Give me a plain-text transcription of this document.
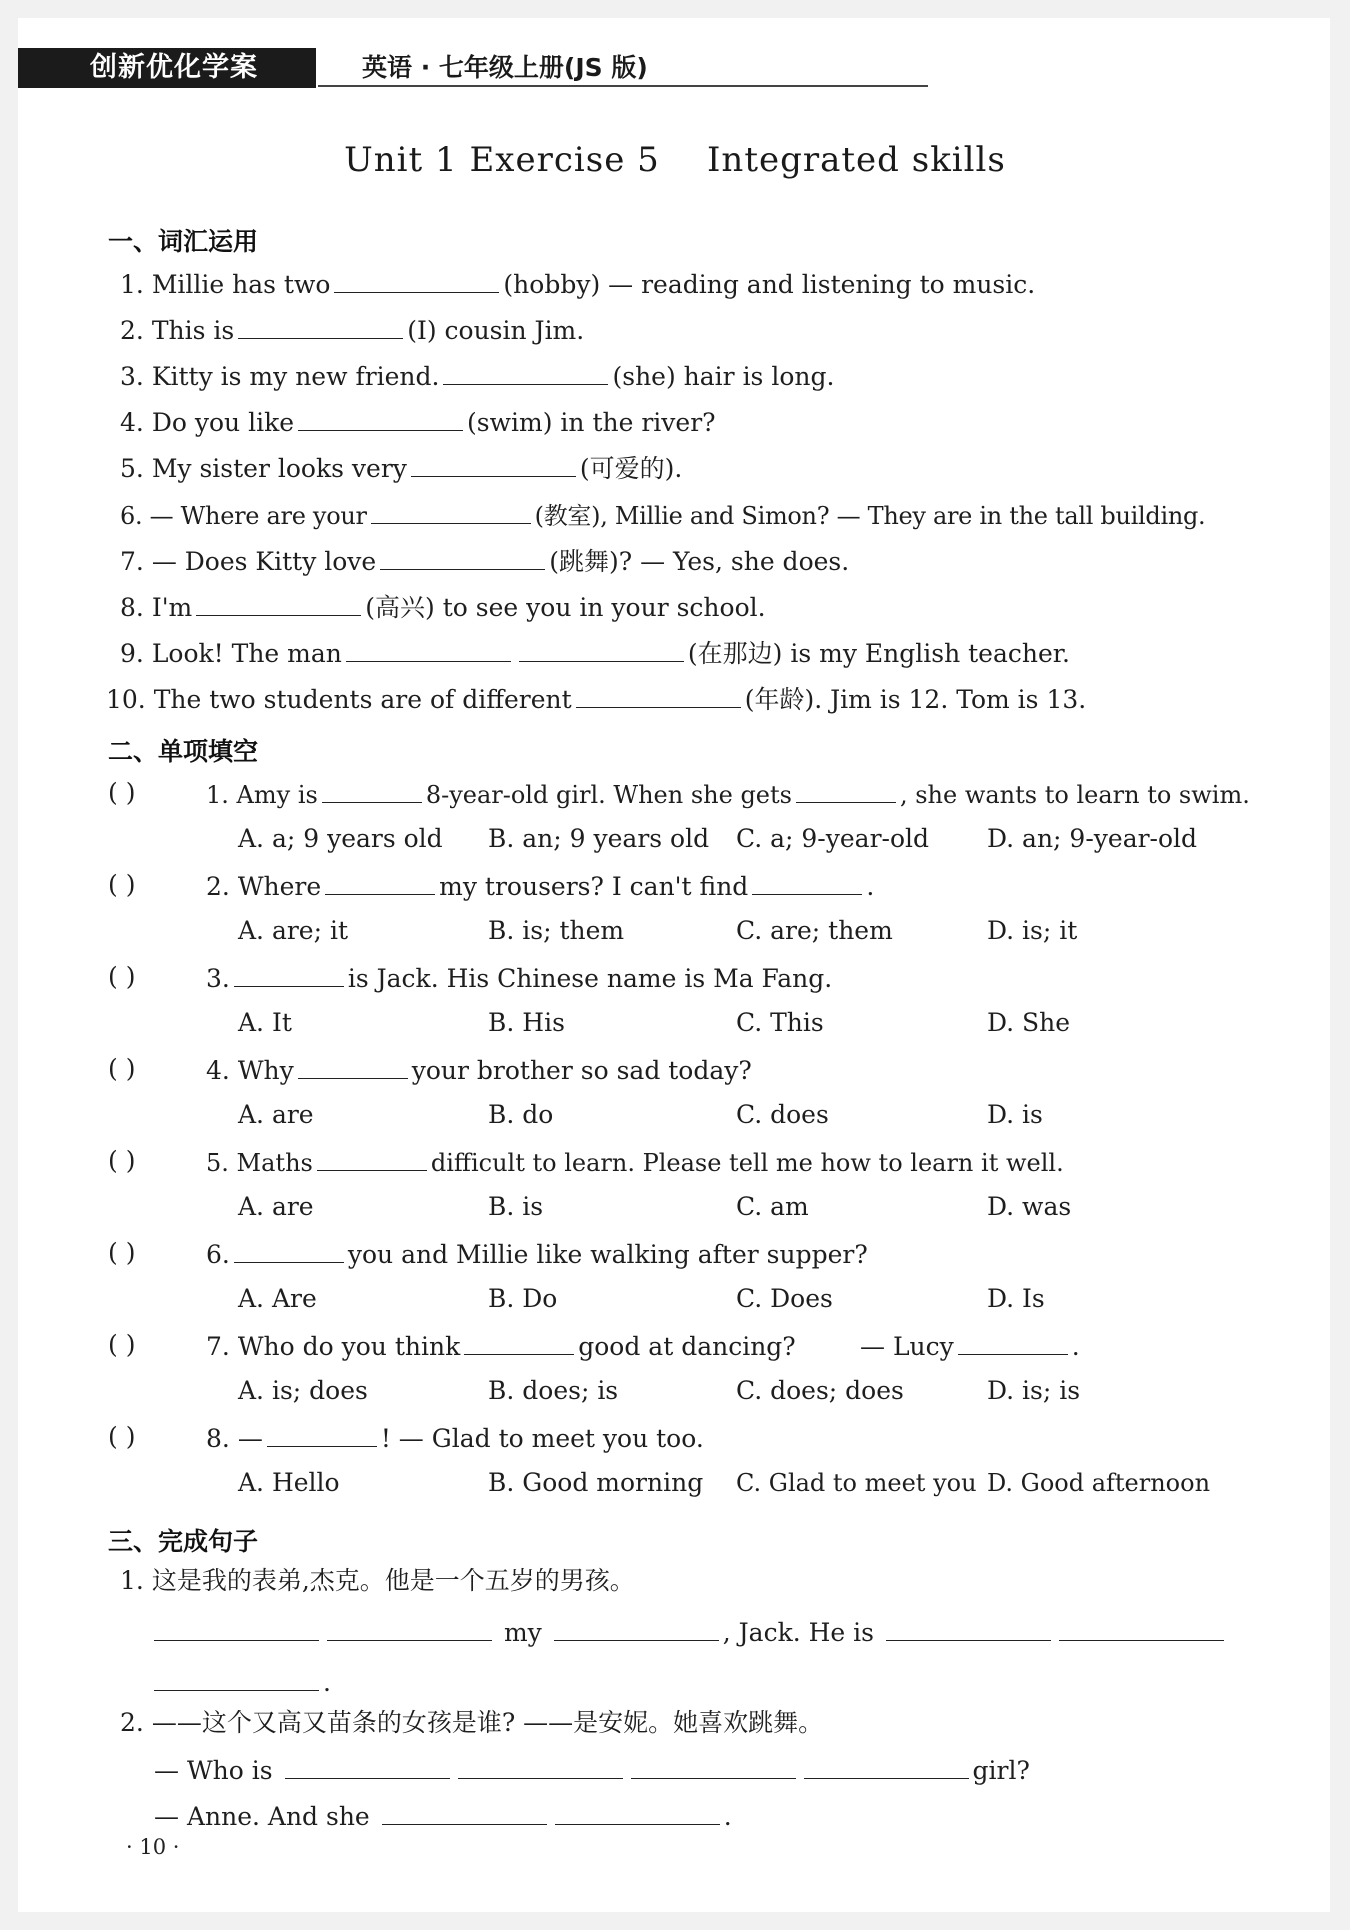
创新优化学案	英语 · 七年级上册(JS 版)
Unit 1 Exercise 5    Integrated skills
一、词汇运用
1. Millie has two	(hobby) — reading and listening to music.
2. This is	(I) cousin Jim.
3. Kitty is my new friend.	(she) hair is long.
4. Do you like	(swim) in the river?
5. My sister looks very	(可爱的).
6. — Where are your	(教室), Millie and Simon? — They are in the tall building.
7. — Does Kitty love	(跳舞)? — Yes, she does.
8. I'm	(高兴) to see you in your school.
9. Look! The man	(在那边) is my English teacher.
10. The two students are of different	(年龄). Jim is 12. Tom is 13.
二、单项填空
( )	1. Amy is	8-year-old girl. When she gets	, she wants to learn to swim.
A. a; 9 years old B. an; 9 years old C. a; 9-year-old D. an; 9-year-old
( )	2. Where	my trousers? I can't find	.
A. are; it	B. is; them	C. are; them	D. is; it
( )	3.	is Jack. His Chinese name is Ma Fang.
A. It	B. His	C. This	D. She
( )	4. Why	your brother so sad today?
A. are	B. do	C. does	D. is
( )	5. Maths	difficult to learn. Please tell me how to learn it well.
A. are	B. is	C. am	D. was
( )	6.	you and Millie like walking after supper?
A. Are	B. Do	C. Does	D. Is
( )	7. Who do you think	good at dancing?	— Lucy	.
A. is; does	B. does; is	C. does; does	D. is; is
( )	8. —	! — Glad to meet you too.
A. Hello	B. Good morning C. Glad to meet you D. Good afternoon
三、完成句子
1. 这是我的表弟,杰克。他是一个五岁的男孩。
my	, Jack. He is
.
2. ——这个又高又苗条的女孩是谁? ——是安妮。她喜欢跳舞。
— Who is	girl?
— Anne. And she	.
· 10 ·
